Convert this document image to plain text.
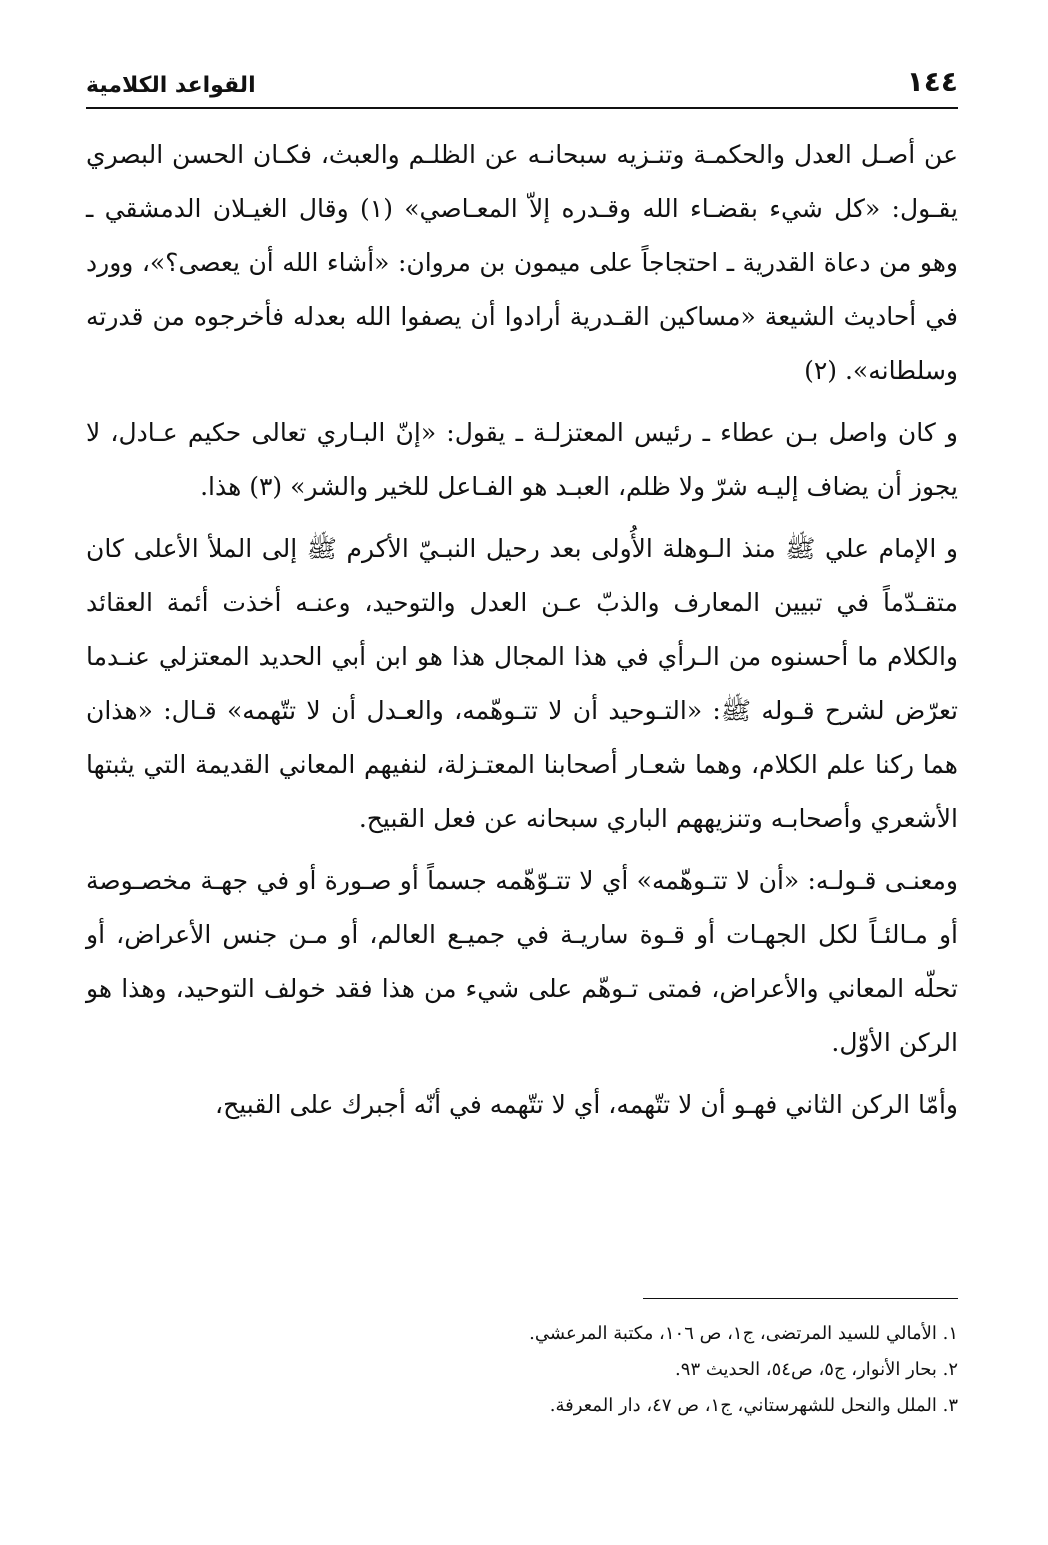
١٤٤
القواعد الكلامية

عن أصـل العدل والحكمـة وتنـزيه سبحانـه عن الظلـم والعبث، فكـان الحسن البصري يقـول: «كل شيء بقضـاء الله وقـدره إلاّ المعـاصي» (١) وقال الغيـلان الدمشقي ـ وهو من دعاة القدرية ـ احتجاجاً على ميمون بن مروان: «أشاء الله أن يعصى؟»، وورد في أحاديث الشيعة «مساكين القـدرية أرادوا أن يصفوا الله بعدله فأخرجوه من قدرته وسلطانه». (٢)

و كان واصل بـن عطاء ـ رئيس المعتزلـة ـ يقول: «إنّ البـاري تعالى حكيم عـادل، لا يجوز أن يضاف إليـه شرّ ولا ظلم، العبـد هو الفـاعل للخير والشر» (٣) هذا.

و الإمام علي ﷺ منذ الـوهلة الأُولى بعد رحيل النبـيّ الأكرم ﷺ إلى الملأ الأعلى كان متقـدّماً في تبيين المعارف والذبّ عـن العدل والتوحيد، وعنـه أخذت أئمة العقائد والكلام ما أحسنوه من الـرأي في هذا المجال هذا هو ابن أبي الحديد المعتزلي عنـدما تعرّض لشرح قـوله ﷺ: «التـوحيد أن لا تتـوهّمه، والعـدل أن لا تتّهمه» قـال: «هذان هما ركنا علم الكلام، وهما شعـار أصحابنا المعتـزلة، لنفيهم المعاني القديمة التي يثبتها الأشعري وأصحابـه وتنزيههم الباري سبحانه عن فعل القبيح.

ومعنـى قـولـه: «أن لا تتـوهّمه» أي لا تتـوّهّمه جسماً أو صـورة أو في جهـة مخصـوصة أو مـالئـاً لكل الجهـات أو قـوة ساريـة في جميـع العالم، أو مـن جنس الأعراض، أو تحلّه المعاني والأعراض، فمتى تـوهّم على شيء من هذا فقد خولف التوحيد، وهذا هو الركن الأوّل.

وأمّا الركن الثاني فهـو أن لا تتّهمه، أي لا تتّهمه في أنّه أجبرك على القبيح،

١. الأمالي للسيد المرتضى، ج١، ص ١٠٦، مكتبة المرعشي.
٢. بحار الأنوار، ج٥، ص٥٤، الحديث ٩٣.
٣. الملل والنحل للشهرستاني، ج١، ص ٤٧، دار المعرفة.
